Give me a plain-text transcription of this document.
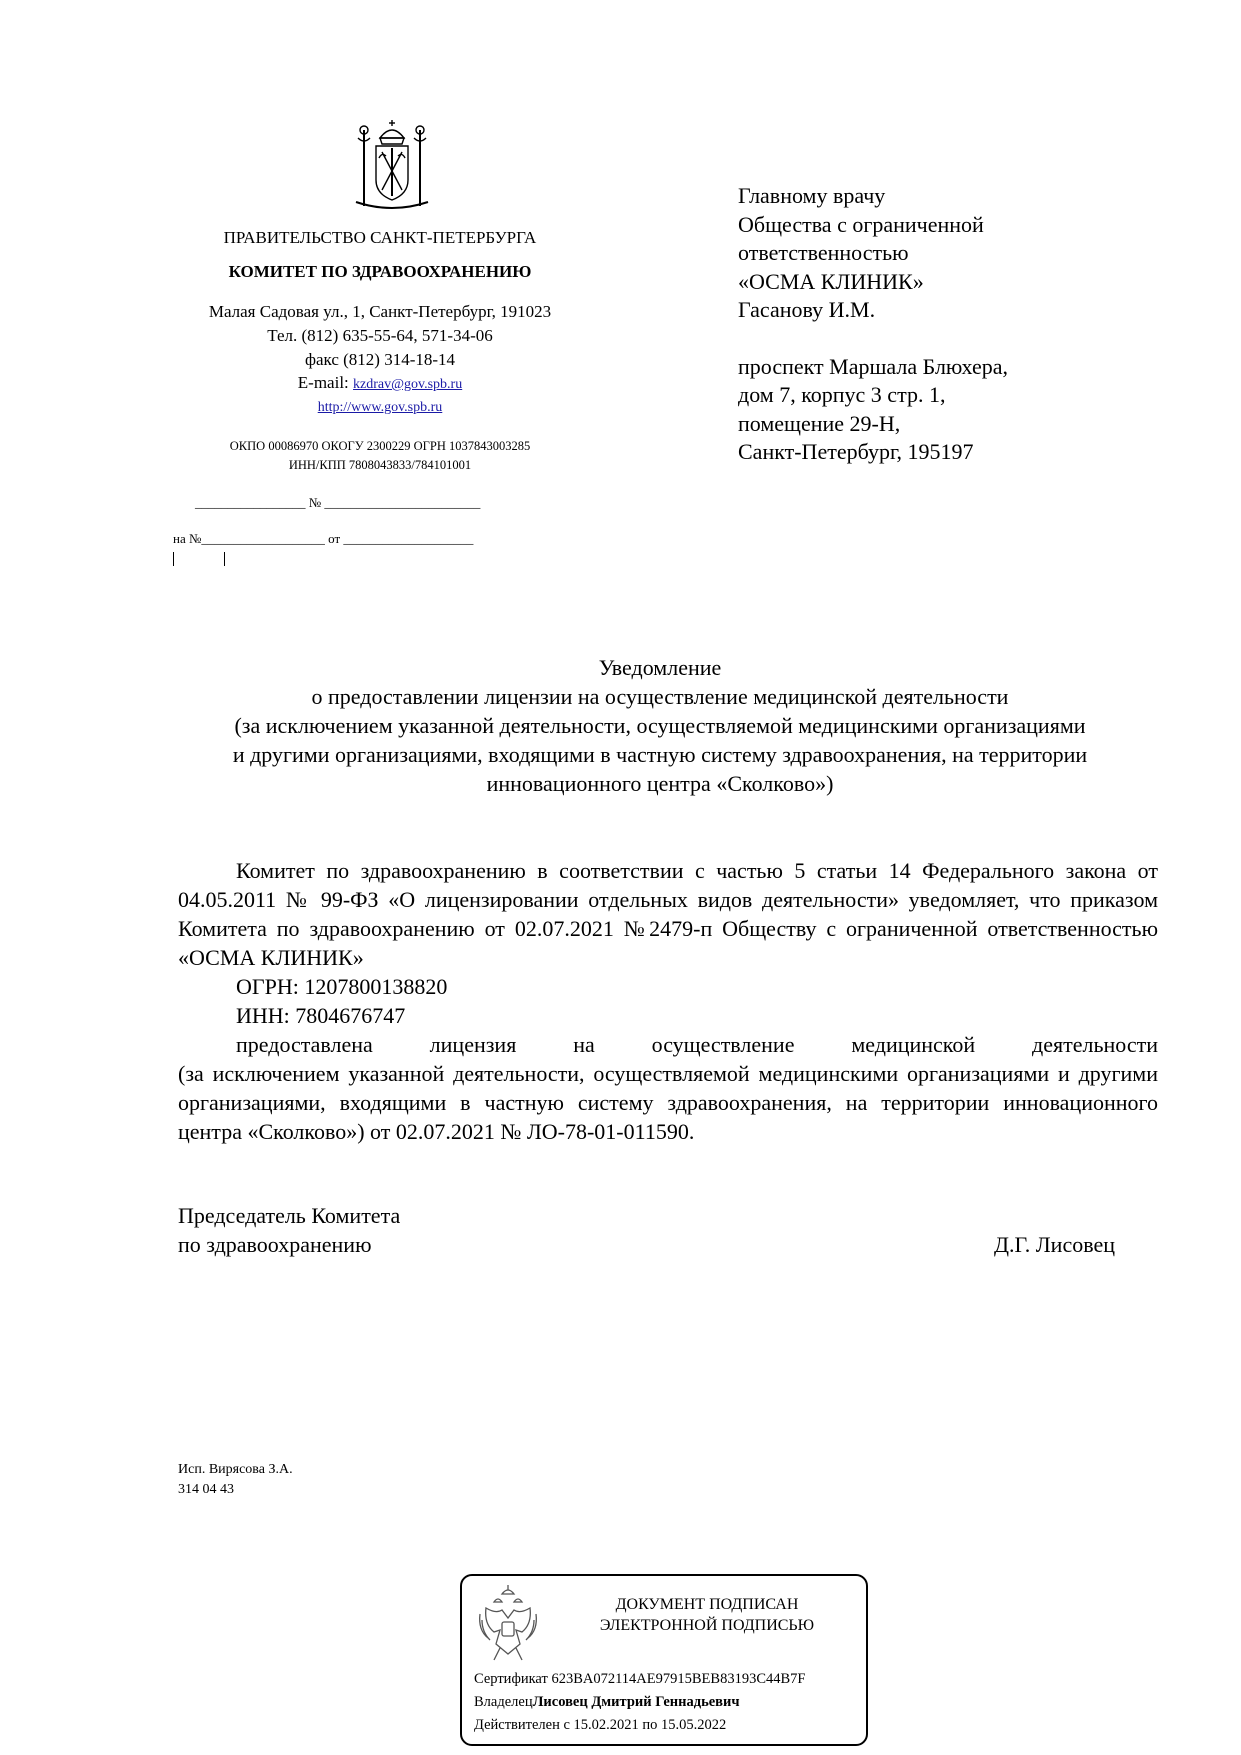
ПРАВИТЕЛЬСТВО САНКТ-ПЕТЕРБУРГА
КОМИТЕТ ПО ЗДРАВООХРАНЕНИЮ
Малая Садовая ул., 1, Санкт-Петербург, 191023
Тел. (812) 635-55-64, 571-34-06
факс (812) 314-18-14
E-mail: kzdrav@gov.spb.ru
http://www.gov.spb.ru
ОКПО 00086970 ОКОГУ 2300229 ОГРН 1037843003285
ИНН/КПП 7808043833/784101001
_________________ № ________________________
на №___________________ от ____________________
Главному врачу
Общества с ограниченной
ответственностью
«ОСМА КЛИНИК»
Гасанову И.М.
проспект Маршала Блюхера,
дом 7, корпус 3 стр. 1,
помещение 29-Н,
Санкт-Петербург, 195197
Уведомление
о предоставлении лицензии на осуществление медицинской деятельности
(за исключением указанной деятельности, осуществляемой медицинскими организациями
и другими организациями, входящими в частную систему здравоохранения, на территории
инновационного центра «Сколково»)

Комитет по здравоохранению в соответствии с частью 5 статьи 14 Федерального закона от 04.05.2011 № 99-ФЗ «О лицензировании отдельных видов деятельности» уведомляет, что приказом Комитета по здравоохранению от 02.07.2021 №2479-п Обществу с ограниченной ответственностью «ОСМА КЛИНИК»

ОГРН: 1207800138820

ИНН: 7804676747

предоставлена лицензия на осуществление медицинской деятельности

(за исключением указанной деятельности, осуществляемой медицинскими организациями и другими организациями, входящими в частную систему здравоохранения, на территории инновационного центра «Сколково») от 02.07.2021 № ЛО-78-01-011590.

Председатель Комитета
по здравоохранению	Д.Г. Лисовец
Исп. Вирясова З.А.
314 04 43
ДОКУМЕНТ ПОДПИСАН
ЭЛЕКТРОННОЙ ПОДПИСЬЮ
Сертификат 623BA072114AE97915BEB83193C44B7F
ВладелецЛисовец Дмитрий Геннадьевич
Действителен с 15.02.2021 по 15.05.2022
